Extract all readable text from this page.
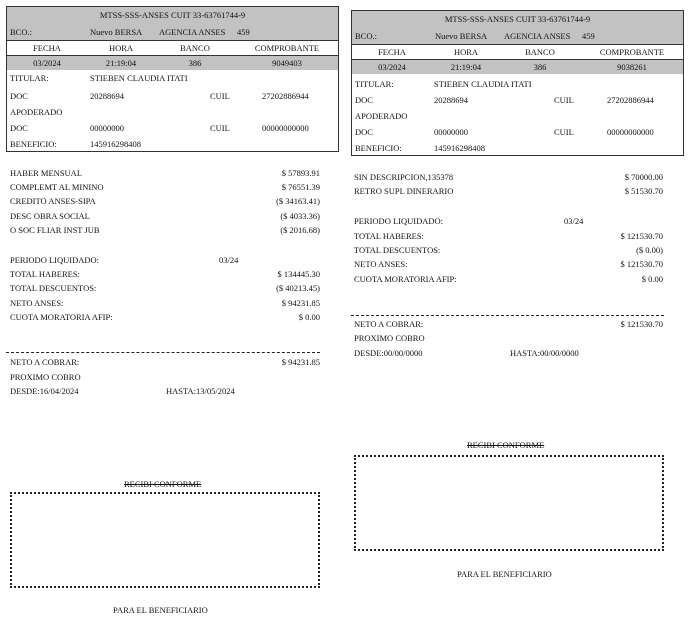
MTSS-SSS-ANSES CUIT 33-63761744-9
BCO.:	Nuevo BERSA AGENCIA ANSES 459
FECHA	HORA	BANCO	COMPROBANTE
03/2024	21:19:04	386	9049403
TITULAR:	STIEBEN CLAUDIA ITATI
DOC	20288694	CUIL	27202886944
APODERADO
DOC	00000000	CUIL	00000000000
BENEFICIO:	145916298408
HABER MENSUAL	$ 57893.91
COMPLEMT AL MININO	$ 76551.39
CREDITO ANSES-SIPA	($ 34163.41)
DESC OBRA SOCIAL	($ 4033.36)
O SOC FLIAR INST JUB	($ 2016.68)
PERIODO LIQUIDADO:	03/24
TOTAL HABERES:	$ 134445.30
TOTAL DESCUENTOS:	($ 40213.45)
NETO ANSES:	$ 94231.85
CUOTA MORATORIA AFIP:	$ 0.00
NETO A COBRAR:	$ 94231.85
PROXIMO COBRO
DESDE:16/04/2024	HASTA:13/05/2024
RECIBI CONFORME
PARA EL BENEFICIARIO
MTSS-SSS-ANSES CUIT 33-63761744-9
BCO.:	Nuevo BERSA AGENCIA ANSES 459
FECHA	HORA	BANCO	COMPROBANTE
03/2024	21:19:04	386	9038261
TITULAR:	STIEBEN CLAUDIA ITATI
DOC	20288694	CUIL	27202886944
APODERADO
DOC	00000000	CUIL	00000000000
BENEFICIO:	145916298408
SIN DESCRIPCION,135378	$ 70000.00
RETRO SUPL DINERARIO	$ 51530.70
PERIODO LIQUIDADO:	03/24
TOTAL HABERES:	$ 121530.70
TOTAL DESCUENTOS:	($ 0.00)
NETO ANSES:	$ 121530.70
CUOTA MORATORIA AFIP:	$ 0.00
NETO A COBRAR:	$ 121530.70
PROXIMO COBRO
DESDE:00/00/0000	HASTA:00/00/0000
RECIBI CONFORME
PARA EL BENEFICIARIO
